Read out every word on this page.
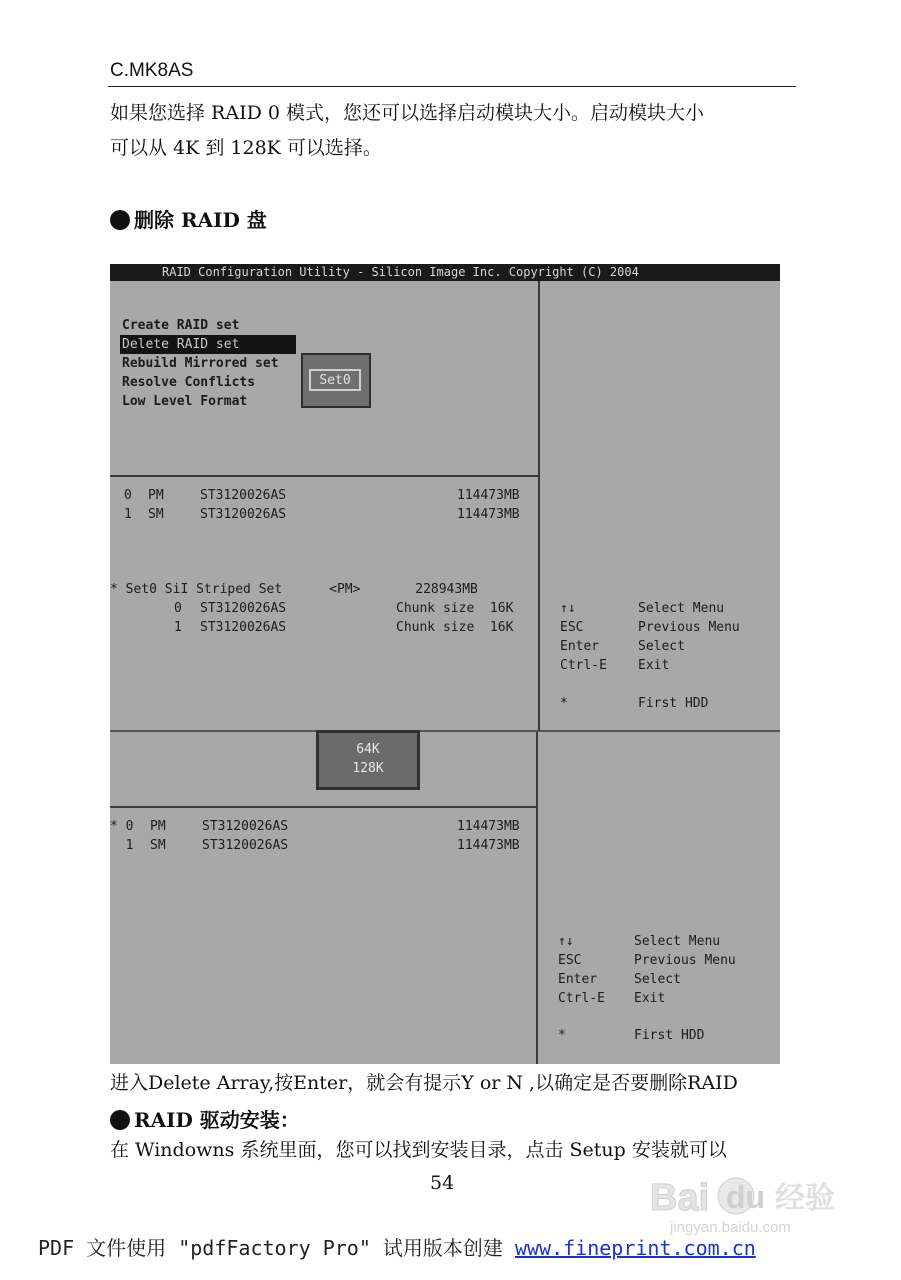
C.MK8AS
如果您选择 RAID 0 模式，您还可以选择启动模块大小。启动模块大小
可以从 4K 到 128K 可以选择。
删除 RAID 盘
RAID Configuration Utility - Silicon Image Inc. Copyright (C) 2004
Create RAID set
Delete RAID set
Rebuild Mirrored set
Resolve Conflicts
Low Level Format
Set0
0 PM	ST3120026AS	114473MB
1 SM	ST3120026AS	114473MB
* Set0 SiI Striped Set      <PM>       228943MB
0 ST3120026AS	Chunk size  16K
1 ST3120026AS	Chunk size  16K
↑↓	Select Menu
ESC	Previous Menu
Enter	Select
Ctrl-E Exit
*	First HDD
64K
128K
* 0 PM	ST3120026AS	114473MB
1 SM	ST3120026AS	114473MB
↑↓	Select Menu
ESC	Previous Menu
Enter	Select
Ctrl-E Exit
*	First HDD
进入Delete Array,按Enter，就会有提示Y or N ,以确定是否要删除RAID
RAID 驱动安装：
在 Windowns 系统里面，您可以找到安装目录，点击 Setup 安装就可以
54	Bai du 经验
jingyan.baidu.com
PDF 文件使用 "pdfFactory Pro" 试用版本创建 www.fineprint.com.cn
